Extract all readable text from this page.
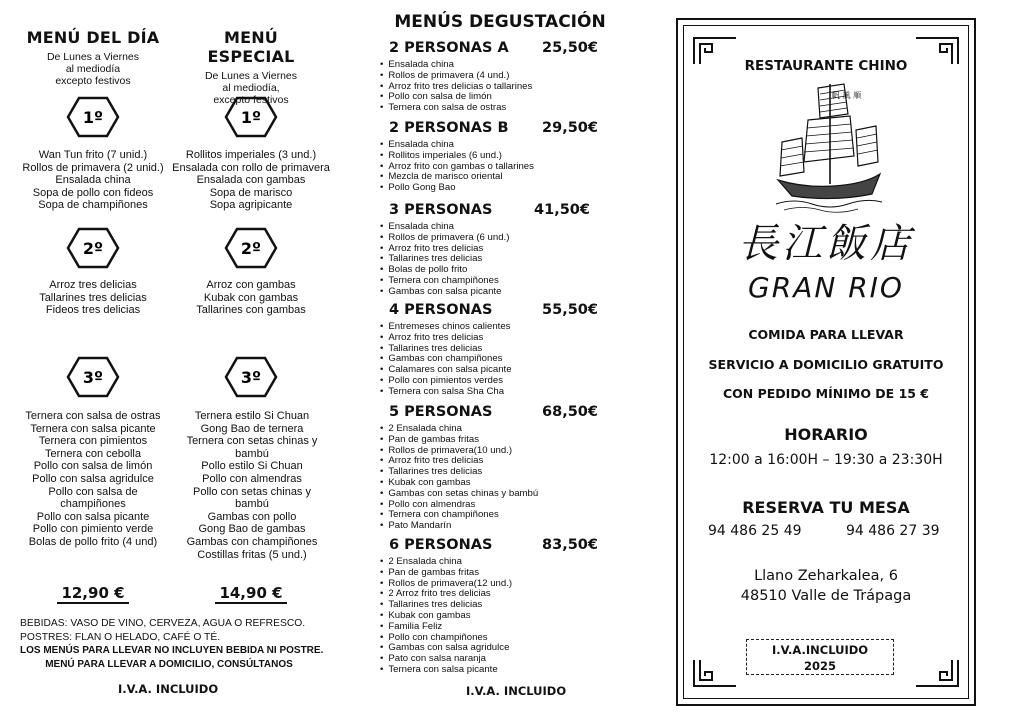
MENÚ DEL DÍA
De Lunes a Viernes
al mediodía
excepto festivos
1º
Wan Tun frito (7 unid.)
Rollos de primavera (2 unid.)
Ensalada china
Sopa de pollo con fideos
Sopa de champiñones
2º
Arroz tres delicias
Tallarines tres delicias
Fideos tres delicias
3º
Ternera con salsa de ostras
Ternera con salsa picante
Ternera con pimientos
Ternera con cebolla
Pollo con salsa de limón
Pollo con salsa agridulce
Pollo con salsa de
champiñones
Pollo con salsa picante
Pollo con pimiento verde
Bolas de pollo frito (4 und)
12,90 €
MENÚ ESPECIAL
De Lunes a Viernes
al mediodía,
excepto festivos
1º
Rollitos imperiales (3 und.)
Ensalada con rollo de primavera
Ensalada con gambas
Sopa de marisco
Sopa agripicante
2º
Arroz con gambas
Kubak con gambas
Tallarines con gambas
3º
Ternera estilo Si Chuan
Gong Bao de ternera
Ternera con setas chinas y
bambú
Pollo estilo Si Chuan
Pollo con almendras
Pollo con setas chinas y
bambú
Gambas con pollo
Gong Bao de gambas
Gambas con champiñones
Costillas fritas (5 und.)
14,90 €
BEBIDAS: VASO DE VINO, CERVEZA, AGUA O REFRESCO.
POSTRES: FLAN O HELADO, CAFÉ O TÉ.
LOS MENÚS PARA LLEVAR NO INCLUYEN BEBIDA NI POSTRE.
MENÚ PARA LLEVAR A DOMICILIO, CONSÚLTANOS
I.V.A. INCLUIDO
MENÚS DEGUSTACIÓN
2 PERSONAS A 25,50€
• Ensalada china
• Rollos de primavera (4 und.)
• Arroz frito tres delicias o tallarines
• Pollo con salsa de limón
• Ternera con salsa de ostras
2 PERSONAS B 29,50€
• Ensalada china
• Rollitos imperiales (6 und.)
• Arroz frito con gambas o tallarines
• Mezcla de marisco oriental
• Pollo Gong Bao
3 PERSONAS	41,50€
• Ensalada china
• Rollos de primavera (6 und.)
• Arroz frito tres delicias
• Tallarines tres delicias
• Bolas de pollo frito
• Ternera con champiñones
• Gambas con salsa picante
4 PERSONAS	55,50€
• Entremeses chinos calientes
• Arroz frito tres delicias
• Tallarines tres delicias
• Gambas con champiñones
• Calamares con salsa picante
• Pollo con pimientos verdes
• Ternera con salsa Sha Cha
5 PERSONAS	68,50€
• 2 Ensalada china
• Pan de gambas fritas
• Rollos de primavera(10 und.)
• Arroz frito tres delicias
• Tallarines tres delicias
• Kubak con gambas
• Gambas con setas chinas y bambú
• Pollo con almendras
• Ternera con champiñones
• Pato Mandarín
6 PERSONAS	83,50€
• 2 Ensalada china
• Pan de gambas fritas
• Rollos de primavera(12 und.)
• 2 Arroz frito tres delicias
• Tallarines tres delicias
• Kubak con gambas
• Familia Feliz
• Pollo con champiñones
• Gambas con salsa agridulce
• Pato con salsa naranja
• Ternera con salsa picante
I.V.A. INCLUIDO
RESTAURANTE CHINO
帆 風 順
長江飯店
GRAN RIO
COMIDA PARA LLEVAR
SERVICIO A DOMICILIO GRATUITO
CON PEDIDO MÍNIMO DE 15 €
HORARIO
12:00 a 16:00H – 19:30 a 23:30H
RESERVA TU MESA
94 486 25 49	94 486 27 39
Llano Zeharkalea, 6
48510 Valle de Trápaga
I.V.A.INCLUIDO
2025
